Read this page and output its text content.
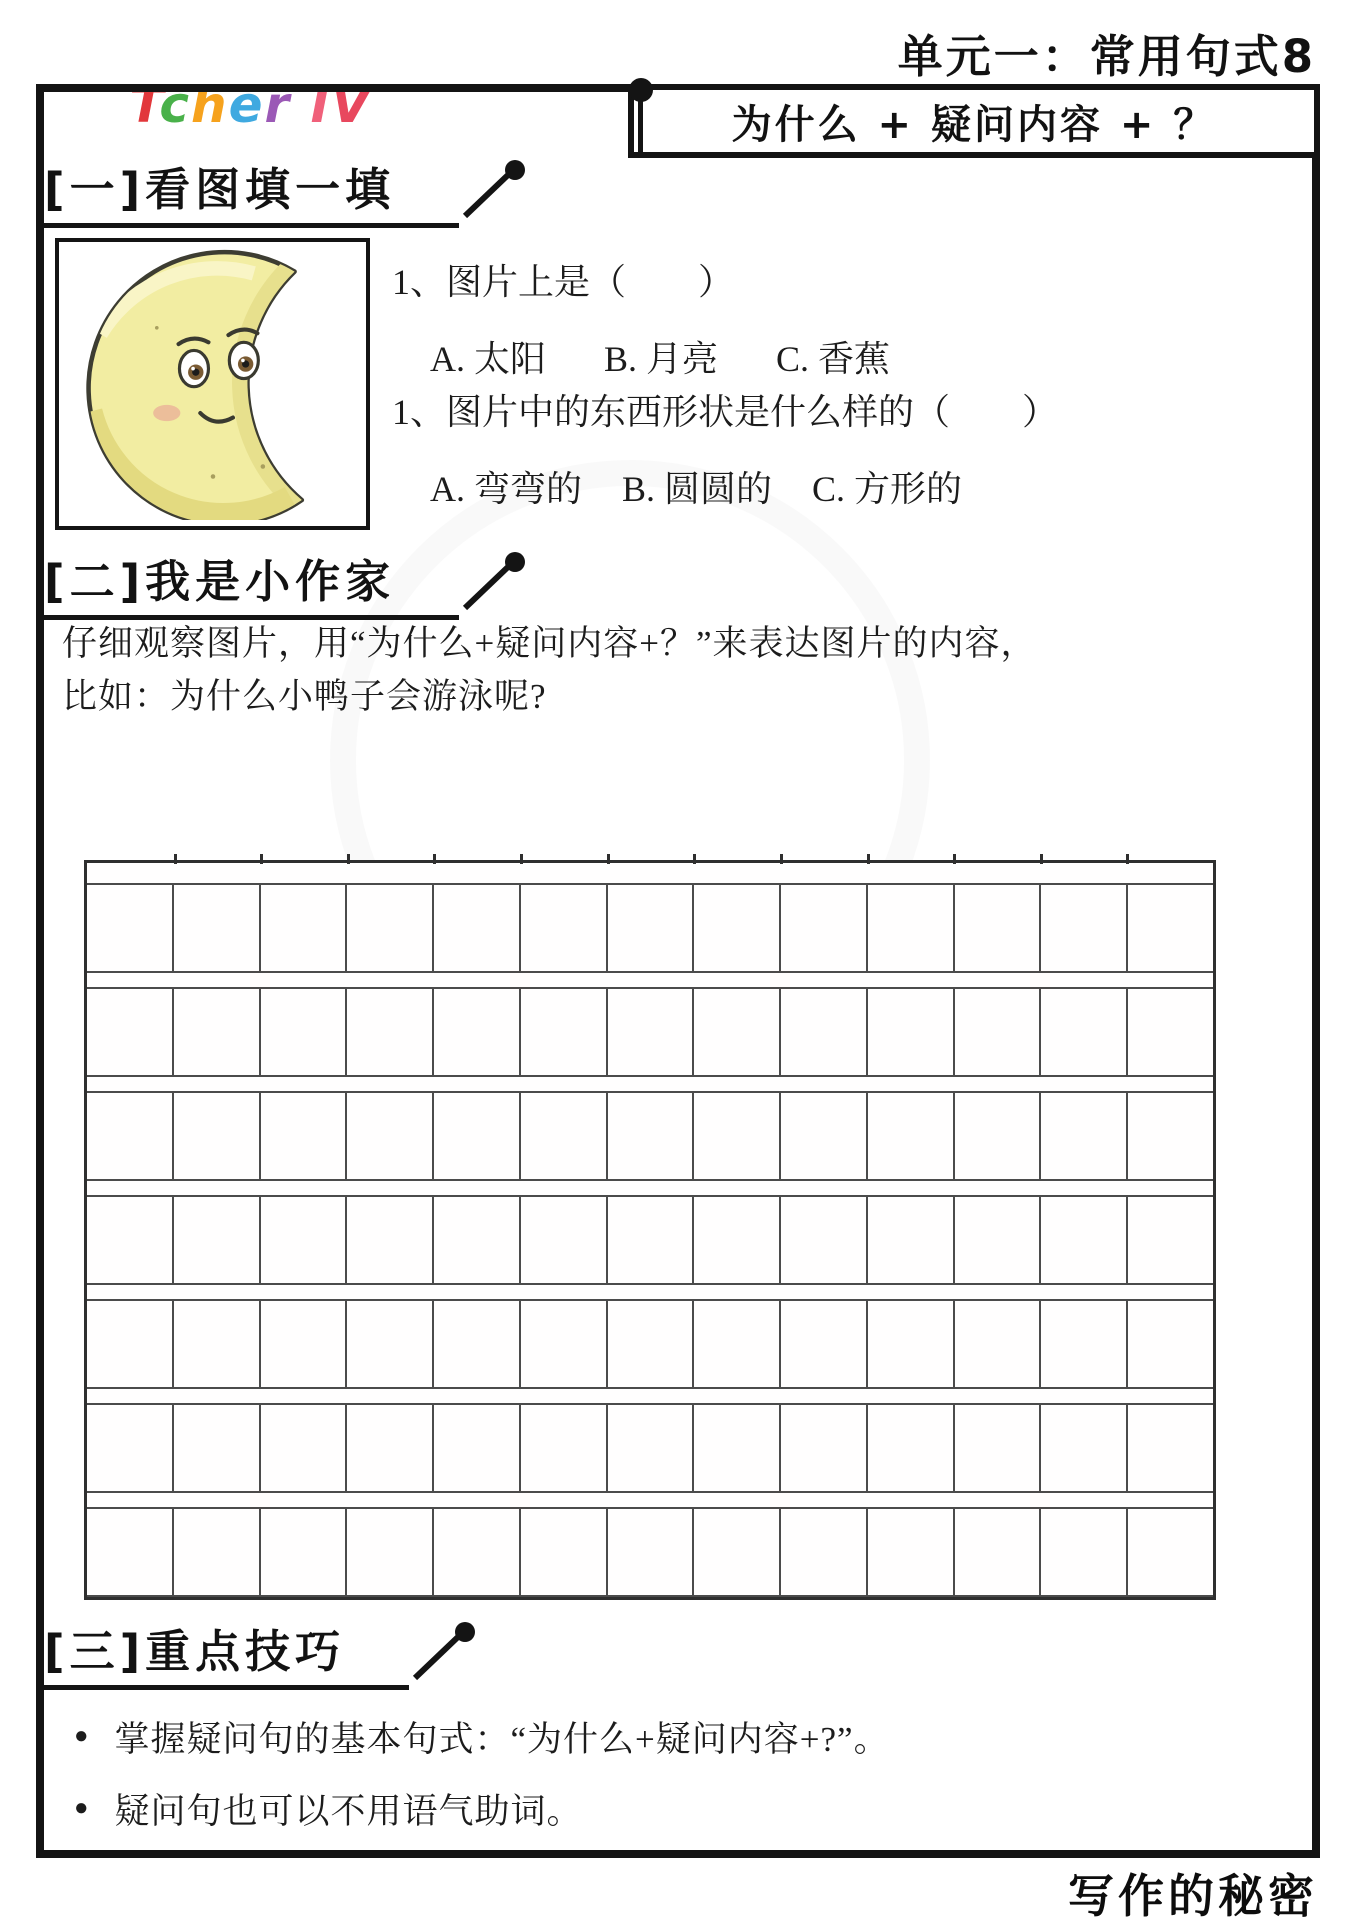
Tcher IV

单元一：常用句式8
为什么 + 疑问内容 + ？
[一]看图填一填
1、图片上是（　　）
A. 太阳 B. 月亮 C. 香蕉
1、图片中的东西形状是什么样的（　　）
A. 弯弯的 B. 圆圆的 C. 方形的
[二]我是小作家
仔细观察图片，用“为什么+疑问内容+？”来表达图片的内容，比如：为什么小鸭子会游泳呢?
[三]重点技巧
● 掌握疑问句的基本句式：“为什么+疑问内容+?”。
● 疑问句也可以不用语气助词。
写作的秘密
